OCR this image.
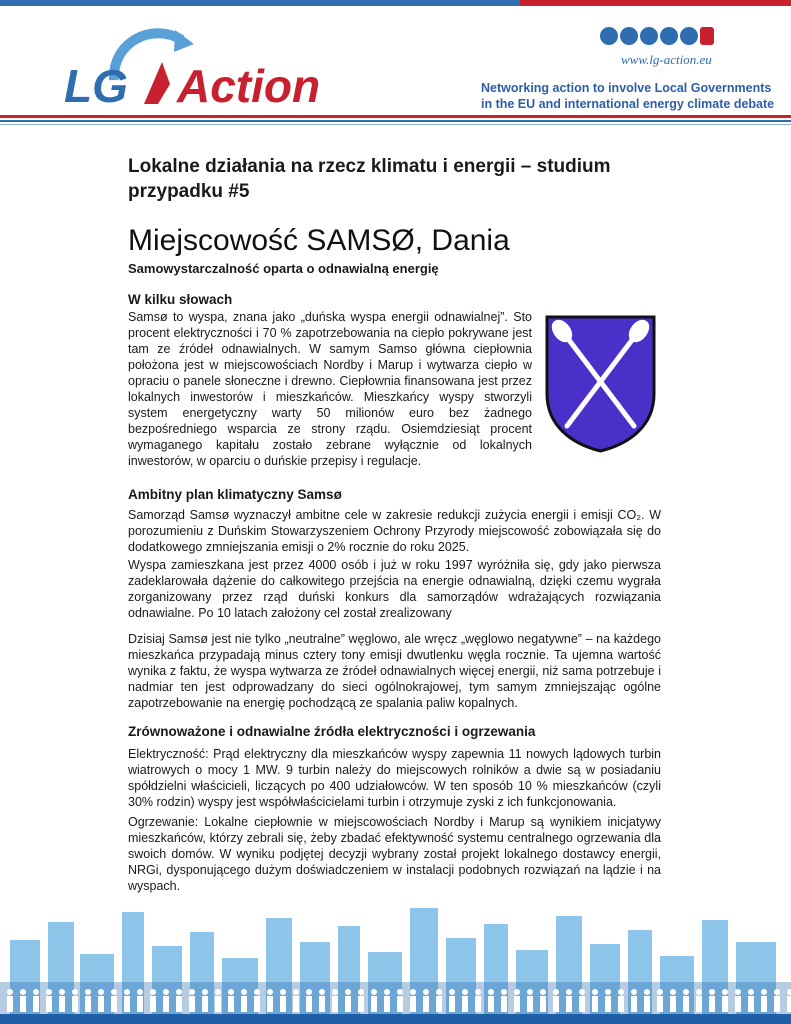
LG Action
www.lg-action.eu
Networking action to involve Local Governments
in the EU and international energy climate debate
Lokalne działania na rzecz klimatu i energii – studium
przypadku #5
Miejscowość SAMSØ, Dania
Samowystarczalność oparta o odnawialną energię
W kilku słowach
Samsø to wyspa, znana jako „duńska wyspa energii odnawialnej”. Sto procent elektryczności i 70 % zapotrzebowania na ciepło pokrywane jest tam ze źródeł odnawialnych. W samym Samso główna ciepłownia położona jest w miejscowościach Nordby i Marup i wytwarza ciepło w opraciu o panele słoneczne i drewno. Ciepłownia finansowana jest przez lokalnych inwestorów i mieszkańców. Mieszkańcy wyspy stworzyli system energetyczny warty 50 milionów euro bez żadnego bezpośredniego wsparcia ze strony rządu. Osiemdziesiąt procent wymaganego kapitału zostało zebrane wyłącznie od lokalnych inwestorów, w oparciu o duńskie przepisy i regulacje.
Ambitny plan klimatyczny Samsø
Samorząd Samsø wyznaczył ambitne cele w zakresie redukcji zużycia energii i emisji CO₂. W porozumieniu z Duńskim Stowarzyszeniem Ochrony Przyrody miejscowość zobowiązała się do dodatkowego zmniejszania emisji o 2% rocznie do roku 2025.
Wyspa zamieszkana jest przez 4000 osób i już w roku 1997 wyróżniła się, gdy jako pierwsza zadeklarowała dążenie do całkowitego przejścia na energie odnawialną, dzięki czemu wygrała zorganizowany przez rząd duński konkurs dla samorządów wdrażających rozwiązania odnawialne. Po 10 latach założony cel został zrealizowany
Dzisiaj Samsø jest nie tylko „neutralne” węglowo, ale wręcz „węglowo negatywne” – na każdego mieszkańca przypadają minus cztery tony emisji dwutlenku węgla rocznie. Ta ujemna wartość wynika z faktu, że wyspa wytwarza ze źródeł odnawialnych więcej energii, niż sama potrzebuje i nadmiar ten jest odprowadzany do sieci ogólnokrajowej, tym samym zmniejszając ogólne zapotrzebowanie na energię pochodzącą ze spalania paliw kopalnych.
Zrównoważone i odnawialne źródła elektryczności i ogrzewania
Elektryczność: Prąd elektryczny dla mieszkańców wyspy zapewnia 11 nowych lądowych turbin wiatrowych o mocy 1 MW. 9 turbin należy do miejscowych rolników a dwie są w posiadaniu spółdzielni właścicieli, liczących po 400 udziałowców. W ten sposób 10 % mieszkańców (czyli 30% rodzin) wyspy jest współwłaścicielami turbin i otrzymuje zyski z ich funkcjonowania.
Ogrzewanie: Lokalne ciepłownie w miejscowościach Nordby i Marup są wynikiem inicjatywy mieszkańców, którzy zebrali się, żeby zbadać efektywność systemu centralnego ogrzewania dla swoich domów. W wyniku podjętej decyzji wybrany został projekt lokalnego dostawcy energii, NRGi, dysponującego dużym doświadczeniem w instalacji podobnych rozwiązań na lądzie i na wyspach.
